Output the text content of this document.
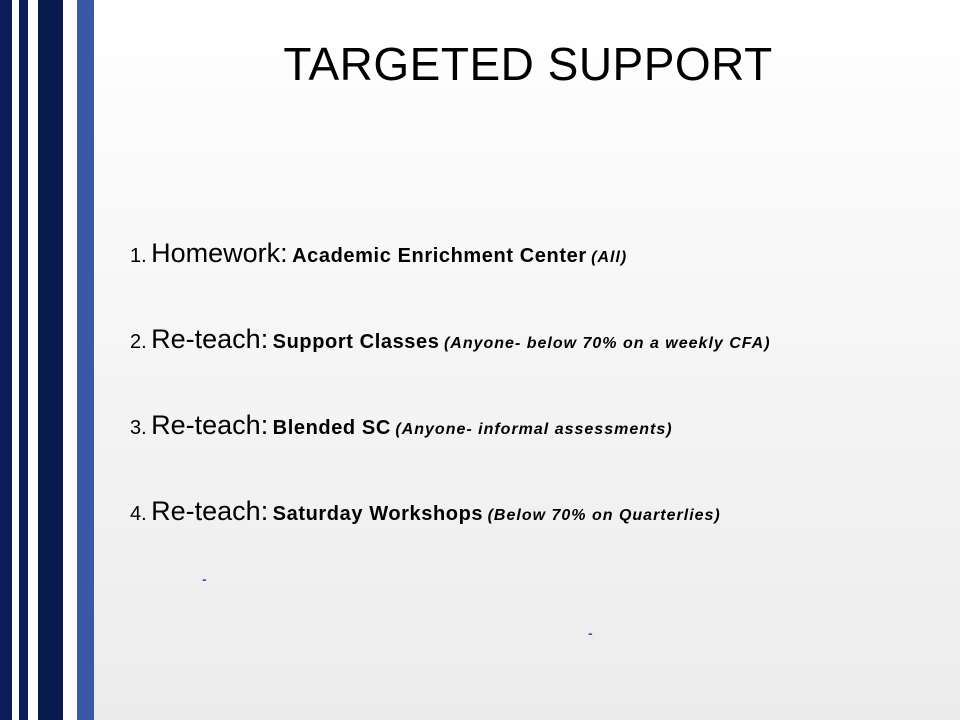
TARGETED SUPPORT
1. Homework: Academic Enrichment Center (All)
2. Re-teach: Support Classes (Anyone- below 70% on a weekly CFA)
3. Re-teach: Blended SC (Anyone- informal assessments)
4. Re-teach: Saturday Workshops (Below 70% on Quarterlies)
-
-
